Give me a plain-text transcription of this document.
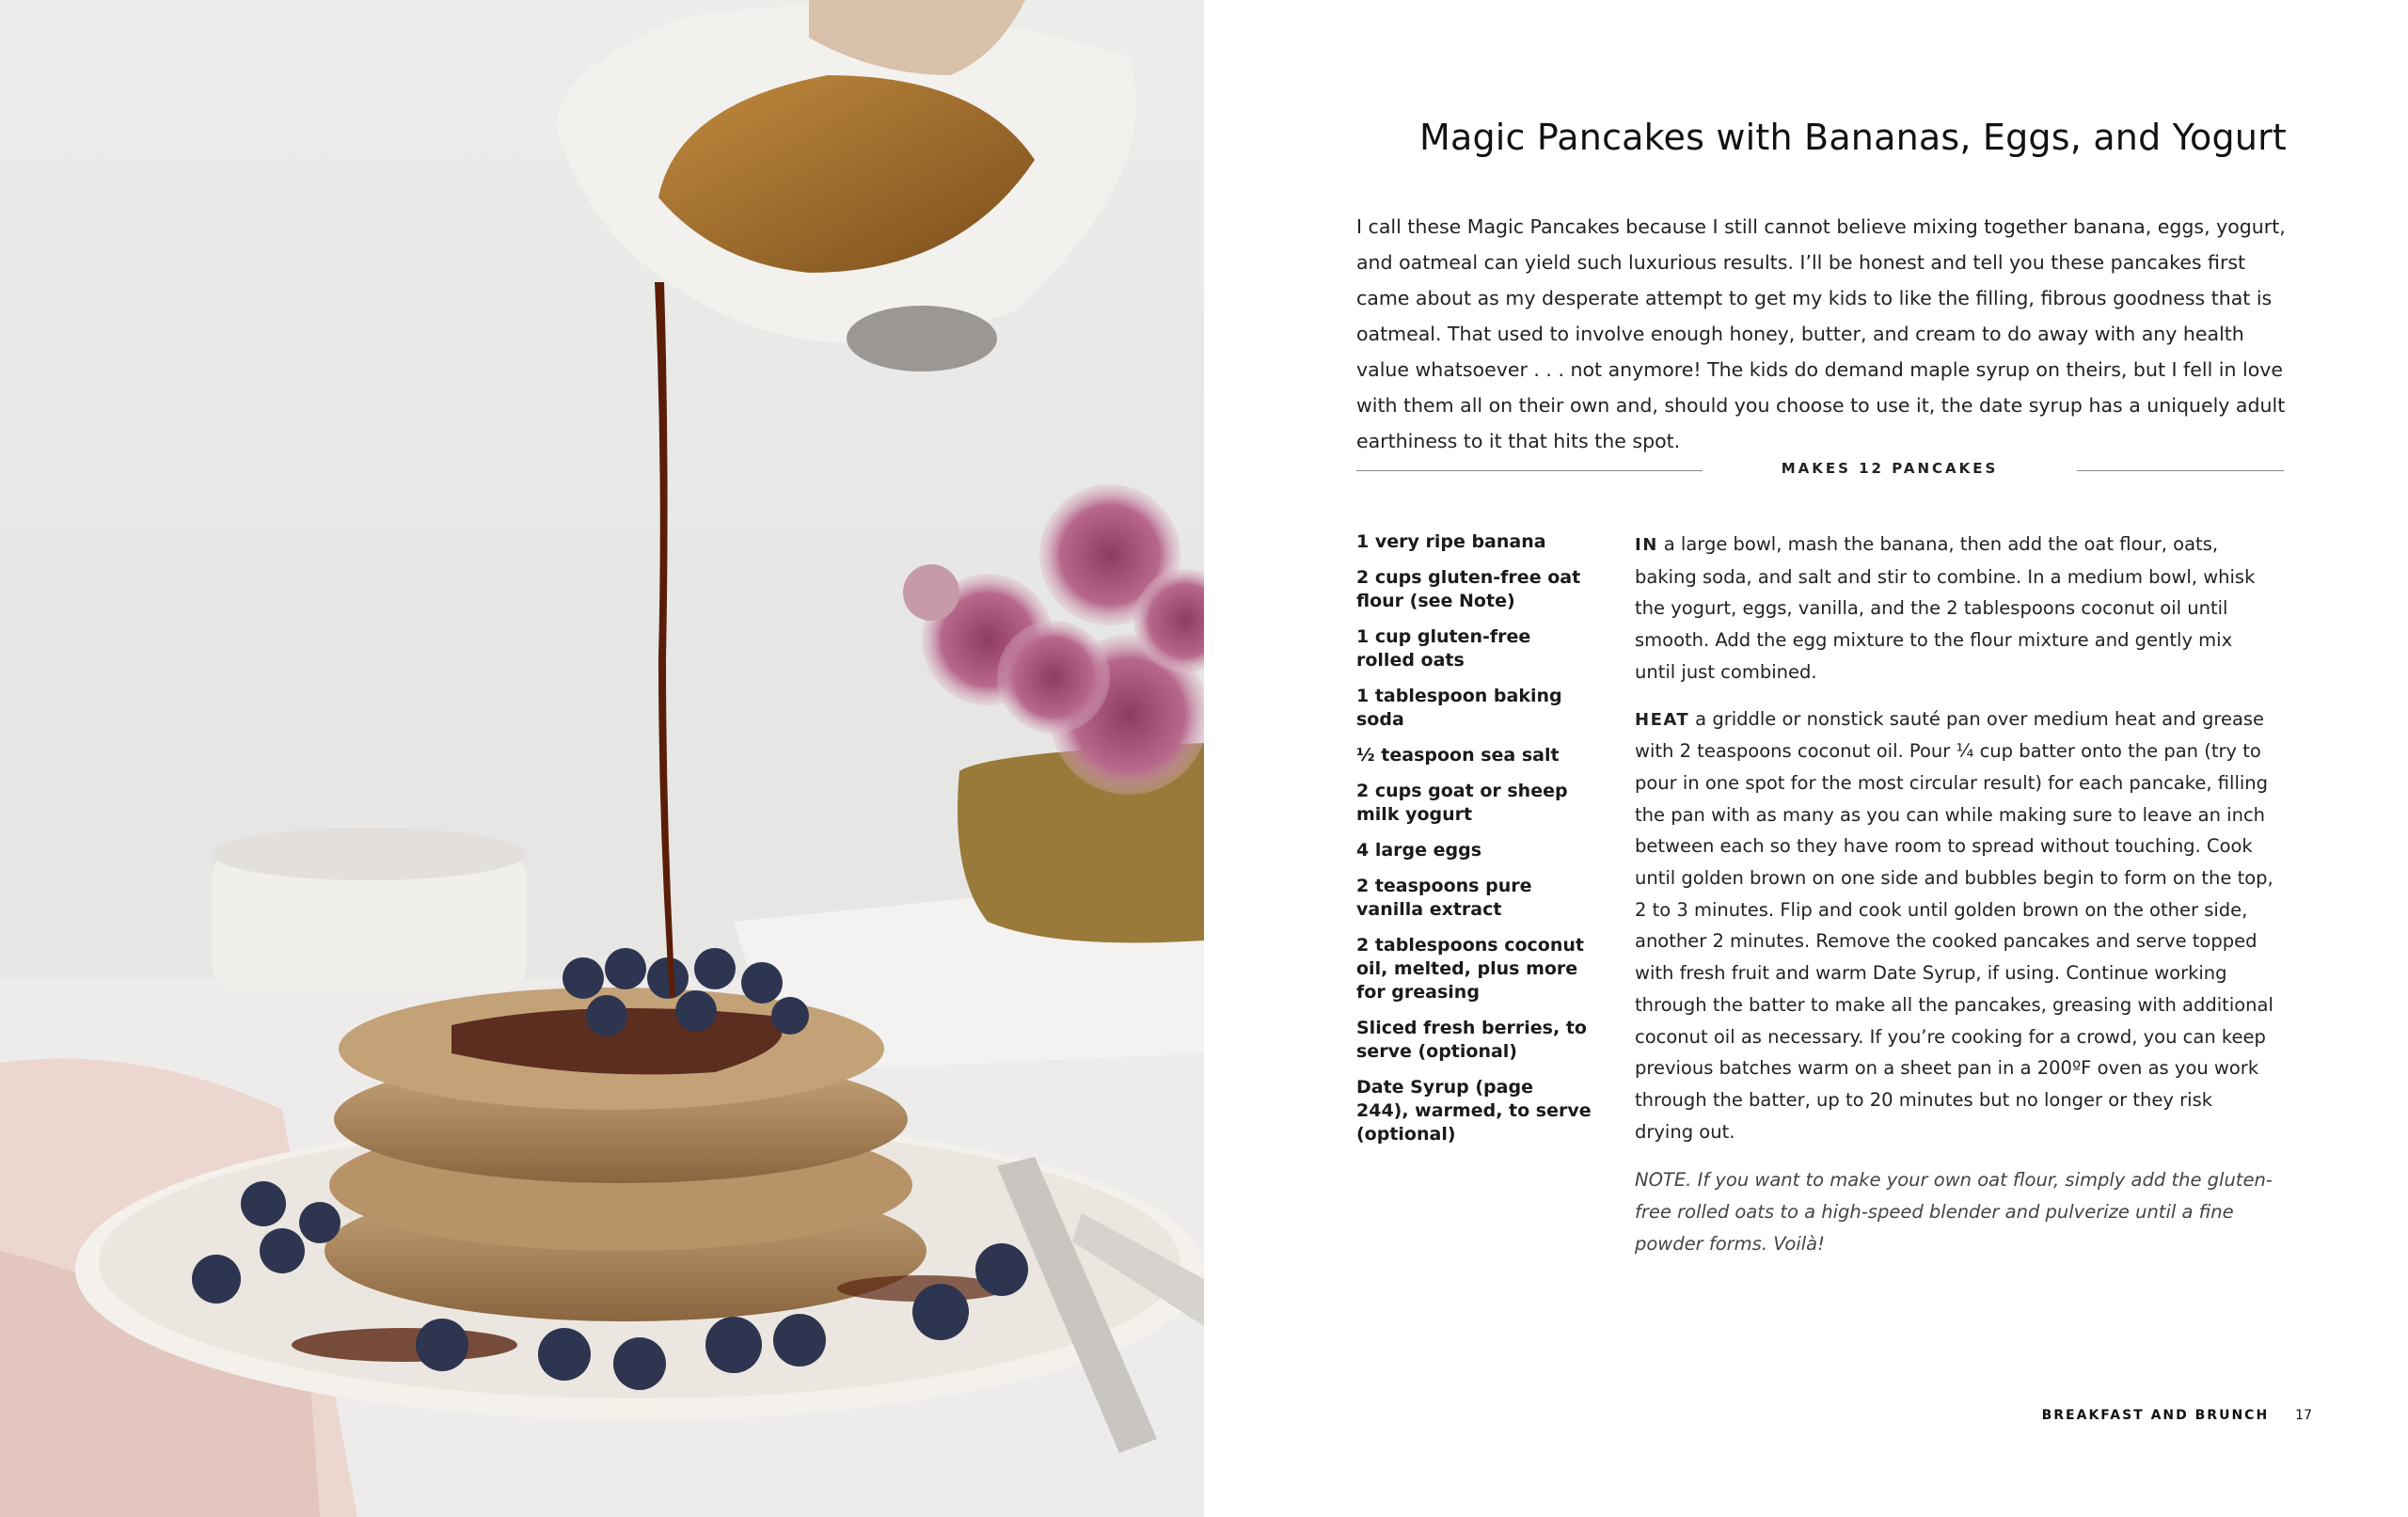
Magic Pancakes with Bananas, Eggs, and Yogurt
I call these Magic Pancakes because I still cannot believe mixing together banana, eggs, yogurt, and oatmeal can yield such luxurious results. I’ll be honest and tell you these pancakes first came about as my desperate attempt to get my kids to like the filling, fibrous goodness that is oatmeal. That used to involve enough honey, butter, and cream to do away with any health value whatsoever . . . not anymore! The kids do demand maple syrup on theirs, but I fell in love with them all on their own and, should you choose to use it, the date syrup has a uniquely adult earthiness to it that hits the spot.
MAKES 12 PANCAKES
1 very ripe banana
2 cups gluten-free oat flour (see Note)
1 cup gluten-free rolled oats
1 tablespoon baking soda
½ teaspoon sea salt
2 cups goat or sheep milk yogurt
4 large eggs
2 teaspoons pure vanilla extract
2 tablespoons coconut oil, melted, plus more for greasing
Sliced fresh berries, to serve (optional)
Date Syrup (page 244), warmed, to serve (optional)

IN a large bowl, mash the banana, then add the oat flour, oats, baking soda, and salt and stir to combine. In a medium bowl, whisk the yogurt, eggs, vanilla, and the 2 tablespoons coconut oil until smooth. Add the egg mixture to the flour mixture and gently mix until just combined.

HEAT a griddle or nonstick sauté pan over medium heat and grease with 2 teaspoons coconut oil. Pour ¼ cup batter onto the pan (try to pour in one spot for the most circular result) for each pancake, filling the pan with as many as you can while making sure to leave an inch between each so they have room to spread without touching. Cook until golden brown on one side and bubbles begin to form on the top, 2 to 3 minutes. Flip and cook until golden brown on the other side, another 2 minutes. Remove the cooked pancakes and serve topped with fresh fruit and warm Date Syrup, if using. Continue working through the batter to make all the pancakes, greasing with additional coconut oil as necessary. If you’re cooking for a crowd, you can keep previous batches warm on a sheet pan in a 200ºF oven as you work through the batter, up to 20 minutes but no longer or they risk drying out.

NOTE. If you want to make your own oat flour, simply add the gluten-free rolled oats to a high-speed blender and pulverize until a fine powder forms. Voilà!

BREAKFAST AND BRUNCH 17
